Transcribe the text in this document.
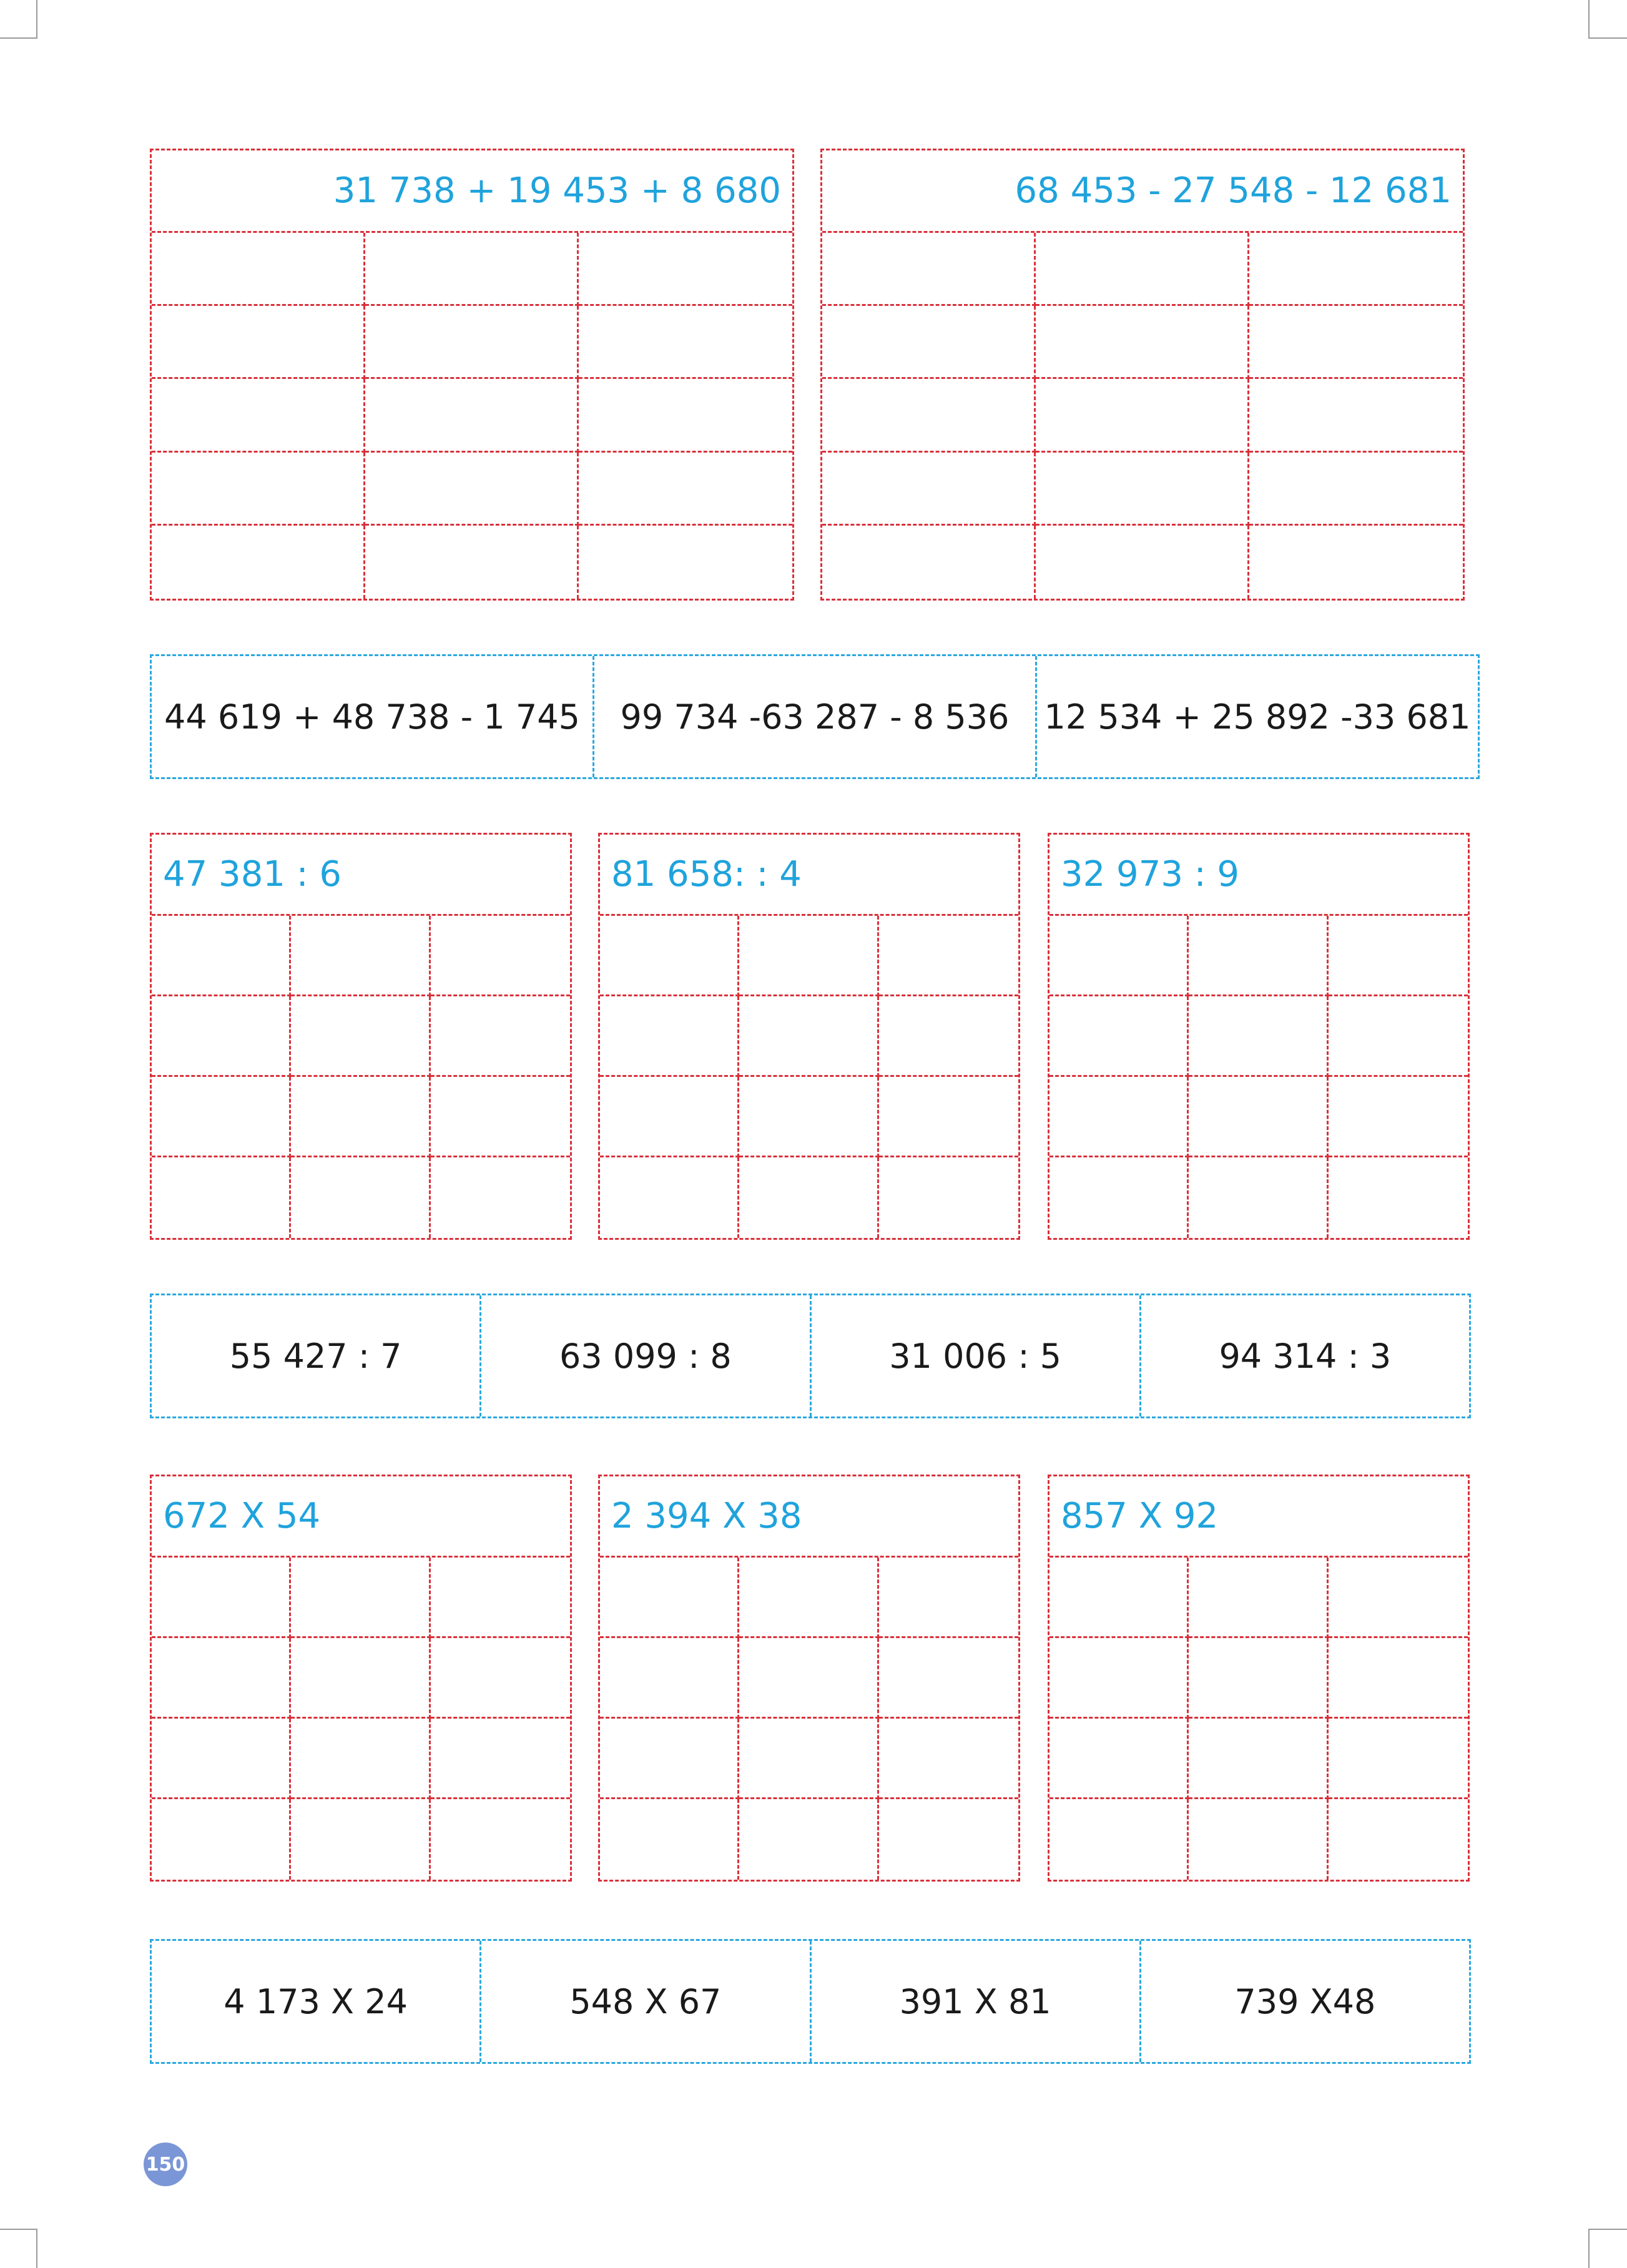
31 738 + 19 453 + 8 680	68 453 - 27 548 - 12 681
44 619 + 48 738 - 1 745	99 734 -63 287 - 8 536	12 534 + 25 892 -33 681
47 381 : 6	81 658: : 4	32 973 : 9
55 427 : 7	63 099 : 8	31 006 : 5	94 314 : 3
672 X 54	2 394 X 38	857 X 92
4 173 X 24	548 X 67	391 X 81	739 X48
150
